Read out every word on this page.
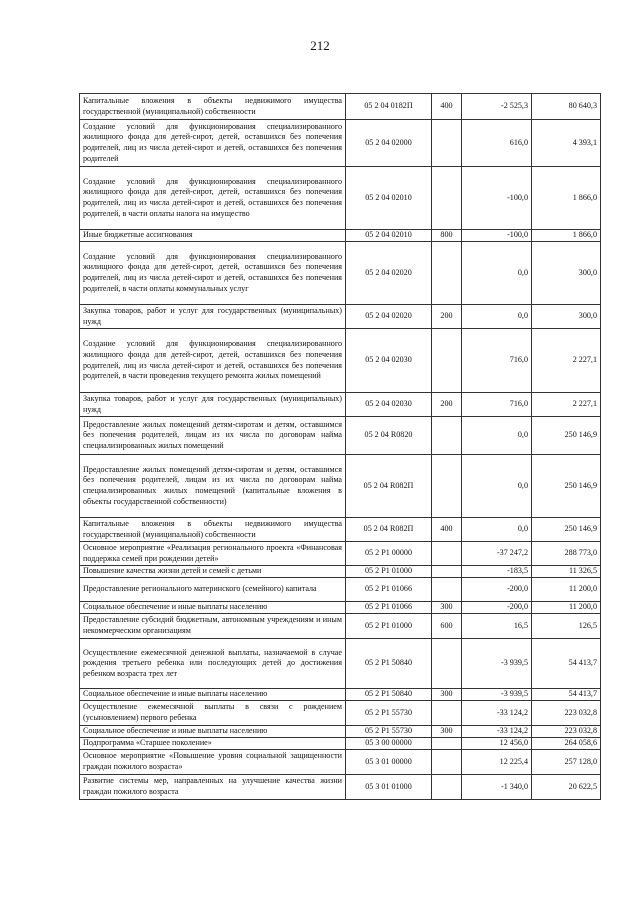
212
Капитальные вложения в объекты недвижимого имущества государственной (муниципальной) собственности	05 2 04 0182П	400	-2 525,3	80 640,3
Создание условий для функционирования специализированного жилищного фонда для детей-сирот, детей, оставшихся без попечения родителей, лиц из числа детей-сирот и детей, оставшихся без попечения родителей	05 2 04 02000		616,0	4 393,1
Создание условий для функционирования специализированного жилищного фонда для детей-сирот, детей, оставшихся без попечения родителей, лиц из числа детей-сирот и детей, оставшихся без попечения родителей, в части оплаты налога на имущество	05 2 04 02010		-100,0	1 866,0
Иные бюджетные ассигнования	05 2 04 02010	800	-100,0	1 866,0
Создание условий для функционирования специализированного жилищного фонда для детей-сирот, детей, оставшихся без попечения родителей, лиц из числа детей-сирот и детей, оставшихся без попечения родителей, в части оплаты коммунальных услуг	05 2 04 02020		0,0	300,0
Закупка товаров, работ и услуг для государственных (муниципальных) нужд	05 2 04 02020	200	0,0	300,0
Создание условий для функционирования специализированного жилищного фонда для детей-сирот, детей, оставшихся без попечения родителей, лиц из числа детей-сирот и детей, оставшихся без попечения родителей, в части проведения текущего ремонта жилых помещений	05 2 04 02030		716,0	2 227,1
Закупка товаров, работ и услуг для государственных (муниципальных) нужд	05 2 04 02030	200	716,0	2 227,1
Предоставление жилых помещений детям-сиротам и детям, оставшимся без попечения родителей, лицам из их числа по договорам найма специализированных жилых помещений	05 2 04 R0820		0,0	250 146,9
Предоставление жилых помещений детям-сиротам и детям, оставшимся без попечения родителей, лицам из их числа по договорам найма специализированных жилых помещений (капитальные вложения в объекты государственной собственности)	05 2 04 R082П		0,0	250 146,9
Капитальные вложения в объекты недвижимого имущества государственной (муниципальной) собственности	05 2 04 R082П	400	0,0	250 146,9
Основное мероприятие «Реализация регионального проекта «Финансовая поддержка семей при рождении детей»	05 2 P1 00000		-37 247,2	288 773,0
Повышение качества жизни детей и семей с детьми	05 2 P1 01000		-183,5	11 326,5
Предоставление регионального материнского (семейного) капитала	05 2 P1 01066		-200,0	11 200,0
Социальное обеспечение и иные выплаты населению	05 2 P1 01066	300	-200,0	11 200,0
Предоставление субсидий бюджетным, автономным учреждениям и иным некоммерческим организациям	05 2 P1 01000	600	16,5	126,5
Осуществление ежемесячной денежной выплаты, назначаемой в случае рождения третьего ребенка или последующих детей до достижения ребенком возраста трех лет	05 2 P1 50840		-3 939,5	54 413,7
Социальное обеспечение и иные выплаты населению	05 2 P1 50840	300	-3 939,5	54 413,7
Осуществление ежемесячной выплаты в связи с рождением (усыновлением) первого ребенка	05 2 P1 55730		-33 124,2	223 032,8
Социальное обеспечение и иные выплаты населению	05 2 P1 55730	300	-33 124,2	223 032,8
Подпрограмма «Старшее поколение»	05 3 00 00000		12 456,0	264 058,6
Основное мероприятие «Повышение уровня социальной защищенности граждан пожилого возраста»	05 3 01 00000		12 225,4	257 128,0
Развитие системы мер, направленных на улучшение качества жизни граждан пожилого возраста	05 3 01 01000		-1 340,0	20 622,5
